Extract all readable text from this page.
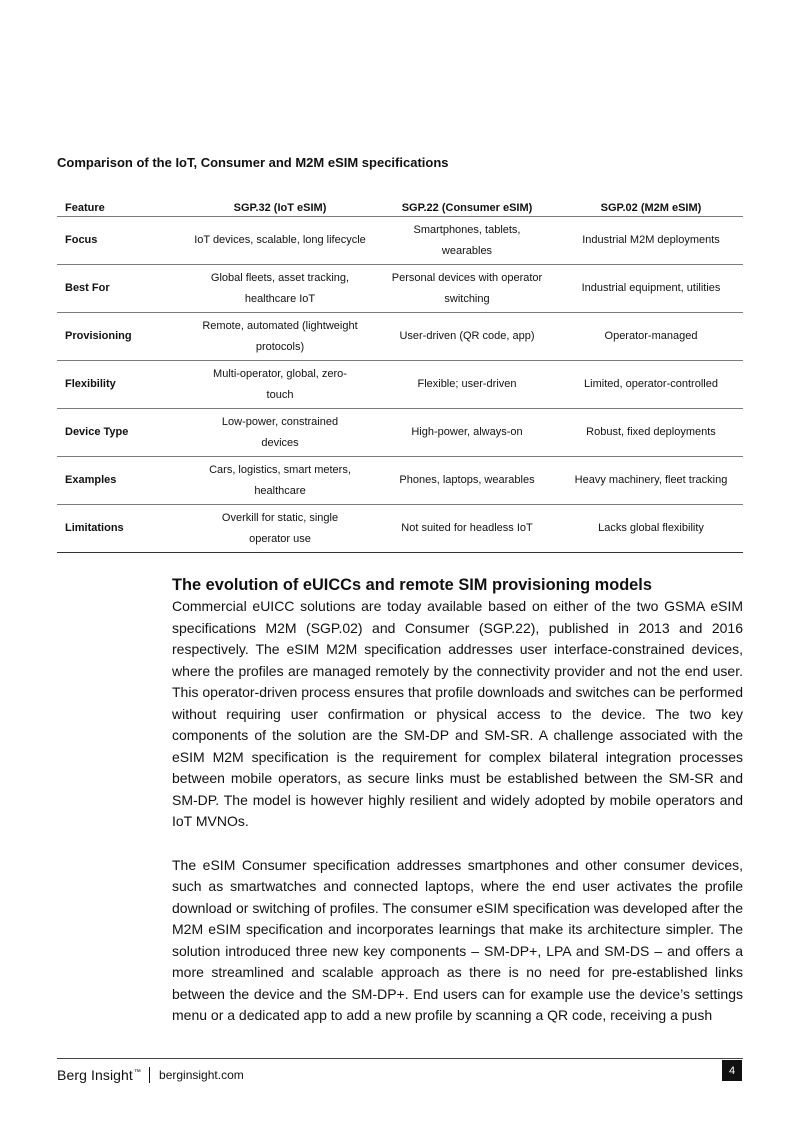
Comparison of the IoT, Consumer and M2M eSIM specifications
Feature	SGP.32 (IoT eSIM)	SGP.22 (Consumer eSIM)	SGP.02 (M2M eSIM)
Focus	IoT devices, scalable, long lifecycle	Smartphones, tablets, wearables	Industrial M2M deployments
Best For	Global fleets, asset tracking, healthcare IoT	Personal devices with operator switching	Industrial equipment, utilities
Provisioning	Remote, automated (lightweight protocols)	User-driven (QR code, app)	Operator-managed
Flexibility	Multi-operator, global, zero-touch	Flexible; user-driven	Limited, operator-controlled
Device Type	Low-power, constrained devices	High-power, always-on	Robust, fixed deployments
Examples	Cars, logistics, smart meters, healthcare	Phones, laptops, wearables	Heavy machinery, fleet tracking
Limitations	Overkill for static, single operator use	Not suited for headless IoT	Lacks global flexibility
The evolution of eUICCs and remote SIM provisioning models

Commercial eUICC solutions are today available based on either of the two GSMA eSIM specifications M2M (SGP.02) and Consumer (SGP.22), published in 2013 and 2016 respectively. The eSIM M2M specification addresses user interface-constrained devices, where the profiles are managed remotely by the connectivity provider and not the end user. This operator-driven process ensures that profile downloads and switches can be performed without requiring user confirmation or physical access to the device. The two key components of the solution are the SM-DP and SM-SR. A challenge associated with the eSIM M2M specification is the requirement for complex bilateral integration processes between mobile operators, as secure links must be established between the SM-SR and SM-DP. The model is however highly resilient and widely adopted by mobile operators and IoT MVNOs.

The eSIM Consumer specification addresses smartphones and other consumer devices, such as smartwatches and connected laptops, where the end user activates the profile download or switching of profiles. The consumer eSIM specification was developed after the M2M eSIM specification and incorporates learnings that make its architecture simpler. The solution introduced three new key components – SM-DP+, LPA and SM-DS – and offers a more streamlined and scalable approach as there is no need for pre-established links between the device and the SM-DP+. End users can for example use the device’s settings menu or a dedicated app to add a new profile by scanning a QR code, receiving a push

Berg Insight™ berginsight.com	4
